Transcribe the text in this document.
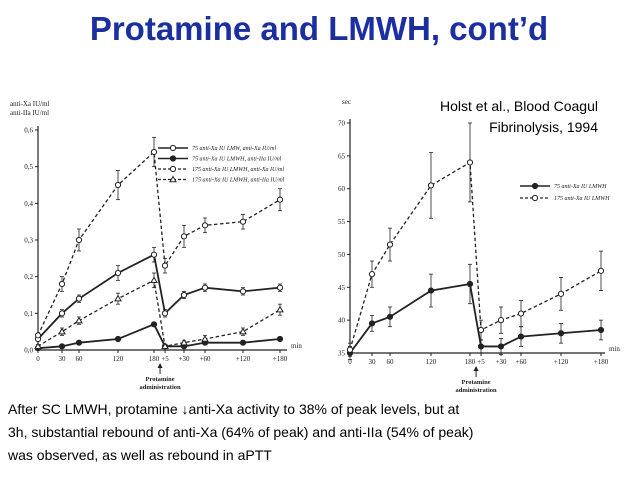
Protamine and LMWH, cont’d
0,0
0,1
0,2
0,3
0,4
0,5
0,6
anti-Xa IU/ml
anti-IIa IU/ml
0	30 60	120	180 +5 +30 +60	+120	+180
min
Protamine
administration
75 anti-Xa IU LMW, anti-Xa IU/ml
75 anti-Xa IU LMWH, anti-IIa IU/ml
175 anti-Xa IU LMWH, anti-Xa IU/ml
175 anti-Xa IU LMWH, anti-IIa IU/ml
35
40
45
50
55
60
65
70
sec
0 30 60	120	180 +5 +30 +60	+120	+180
min
Protamine
administration
75 anti-Xa IU LMWH
175 anti-Xa IU LMWH
Holst et al., Blood Coagul
Fibrinolysis, 1994
After SC LMWH, protamine ↓anti-Xa activity to 38% of peak levels, but at
3h, substantial rebound of anti-Xa (64% of peak) and anti-IIa (54% of peak)
was observed, as well as rebound in aPTT
